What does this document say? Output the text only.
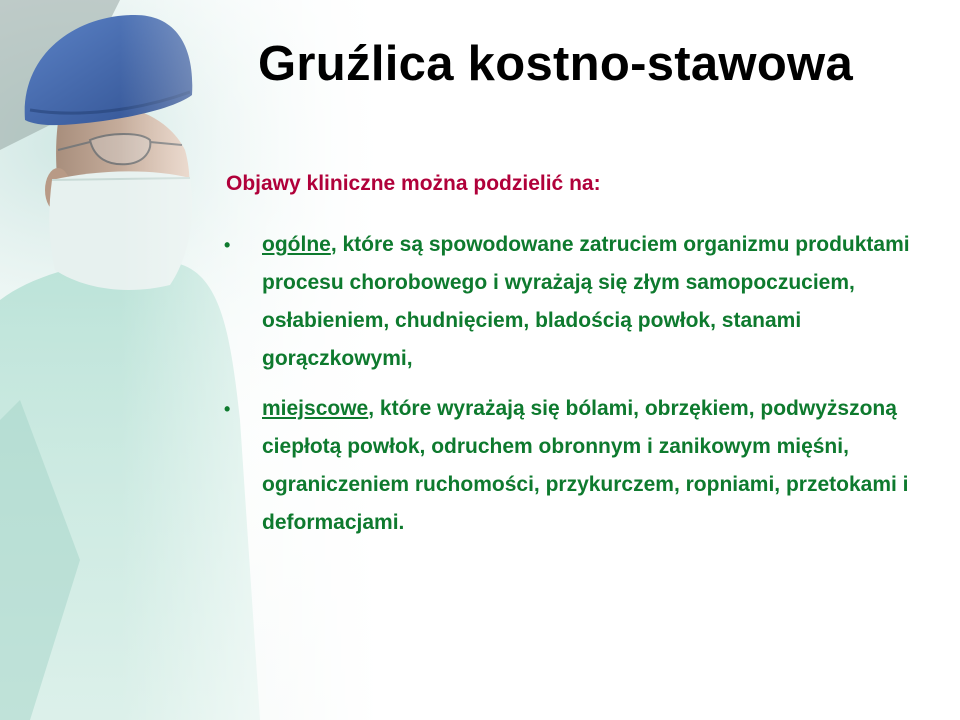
Gruźlica kostno-stawowa

Objawy kliniczne można podzielić na:

• ogólne, które są spowodowane zatruciem organizmu produktami procesu chorobowego i wyrażają się złym samopoczuciem, osłabieniem, chudnięciem, bladością powłok, stanami gorączkowymi,
• miejscowe, które wyrażają się bólami, obrzękiem, podwyższoną ciepłotą powłok, odruchem obronnym i zanikowym mięśni, ograniczeniem ruchomości, przykurczem, ropniami, przetokami i deformacjami.
